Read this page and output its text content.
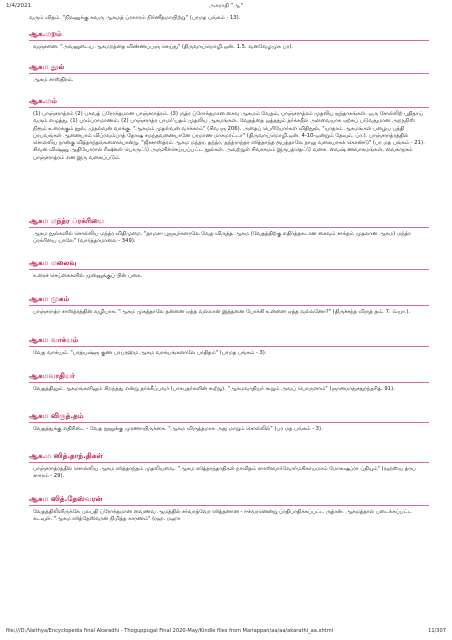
1/4/2021	அகராதி "ஆ"
வரும் விதம். "நிலனுக்கு கவரு ஆகமத் ப்ரகாரம் நிர்ணீதமாயிற்று" (பரமத பங்கம் · 13).
ஆக.மறம்
வஞ்சனை. "அவனுடைய ஆகமறத்தை விண்ணப்பஞ் செய்து" (திருவாய்மொழி.ஒன். 1.5. வனவேழமுக ப்ர).
ஆகம நூல்
ஆகம சாஸ்திரம்.
ஆக.மம்
(1) பாஞ்சராத்ரம் (2) பகவத் ப்ரோக்தமான பாஞ்சராத்ரம். (3) ருத்ர ப்ரோக்தமான சைவ ஆகமம் வேதம், பாஞ்சராத்ரம் முதலிய ஐந்தாகங்கள். ஒரு சோல்லிற் புதிதாய் வரும் எழுத்து. (1) பரம்பராமாணம், (2) பாஞ்சராத்ர பாமர்'யதம் முதலிய ஆகமங்கள். வேதத்தை ஒத்ததும் தர்க்கநீல் அளவையாக ஏற்கப் படுவதுமான அறநநிஸ் நிரூம் உரைக்கும் நூல், முதல்வன் வாக்கு. "ஆகமம் முதல்வன் வாக்காம்" (சிவ ஞ 206). அதைப் பெரியோர்கள் விதிநூல், "யாதாம் ஆகமங்கள் பழைய பத்தி ப்ரபவங்கள் ஆனையாம் விப்ரவம்பாத் தோஷ சமந்தவனையானே ப்ரமாண மாகமாட்டா" (திருவாய்மொழி.ஒன். 4-10-ஒன்றும் தேவும். ப்ர.). பாஞ்சராத்ரத்தில் சொல்லிய நான்கு வித்தாந்தங்களையொன்று. "ஜீசசாஸ்த்ரம் ஆகம மந்த்ர, தந்த்ர, தந்த்ராந்தர ஸித்தாந்த ரூபத்தாலே நாலு வகையாகக் கொண்டு" (பர மத பங்கம் - 21). சிவன் விஷ்ணு ஆதியோரால் ரிஷிகள் பொருட்டு அருளிச்செய்யப்பட்ட நூல்கள். அவற்றுள் சிவாகமம் இருபத்தெட்டு வகை. வைஷ் ணவாகமங்கள், வைகாநசம் பாஞ்சராத்ரம் என இரு வகைப்படும்.
ஆகம மந்த்ர ப்ரக்ரியை
ஆகம நூல்களில் சொல்லிய மந்த்ர விதிமுறை. "தாமஸ புஜவுர்களாலே வேத விருத்த ஆகம (வேதத்திற்கு எதிர்த்தகடான சைவம் சாக்தம் முதலான ஆகம) மந்த்ர ப்ரக்ரியை யாலே" (வார்த்தாமாலை - 349).
ஆகம மலைவு
உரைச் செய்கைகளில் முன்னுக்குப் பின் பகை.
ஆகம முகம்
பாஞ்சராத்ர சாஸ்த்ரத்தின் வழியாக. "ஆகம முகத்தாலே தன்னை ஏத்த வல்லான் இத்தனை போக்கி உன்னை ஏத்த வல்லனோ?" (திருச்சந்த விருத் தம். 7. வ்யா.).
ஆகம வாக்யம்
வேத வாக்யம். "பரத்யஷ்ஞ குண பரப்ரஹ்ம ஆகம வாக்யங்களாலே பாதிதம்" (பரமத பங்கம் - 3).
ஆகமவாதியர்
வேதத்திலும் ஆகமங்களிலும் சிறந்தது என்று தர்க்கீப்பவர் (பாசபதர்களின் கூற்று). "ஆகமவாதியர் கூறும் அவப் பொருளாம்" (ஞானமாதுசதுரந்தரித். 91).
ஆகம விருத்.தம்
வேதத்துக்கு எதிரிடை - வேத நூலுக்கு முரணாயிருக்கை. "ஆகம விருத்தமாக அது மாறும் சொல்லில்" (பர மத பங்கம் - 3).
ஆக.ம ஸித்.தாந்.திகள்
பாஞ்சராத்ரத்தில் சொல்லிய ஆகம ஸித்தாந்தம் முதலியவை. "ஆகம ஸித்தாந்தாதிகள் நாவிதம் ஸாஸ்வார்வோர்மகிகாயமாம் மோகஷப்ரா ப்தியும்" (ரஹஸ்ய த்ரய ஸாரம் - 29).
ஆகம ஸித்.தேஸ்வரன்
வேதத்திலிளிருக்கே பலபதி ப்ரோக்தமான வைணவ ஆமத்தில் சர்வாத்வேர ஸித்தனான - ஈச்வரனென்று ப்ரதிபாதிக்கப்பட்ட ருத்ரன். ஆகமத்தால் படைக்கப்பட்ட கடவுள். "ஆகம ஸித்தேஸ்வரன் நிமித்த காரணம்" (ரஹ. மஹா
file:///D:/Vaithya/Encyclopedia final Akaradhi - Thoguppugal Final 2020-May/Kindle files from Mariappan/aa/aa/akarathi_aa.xhtml	11/307
